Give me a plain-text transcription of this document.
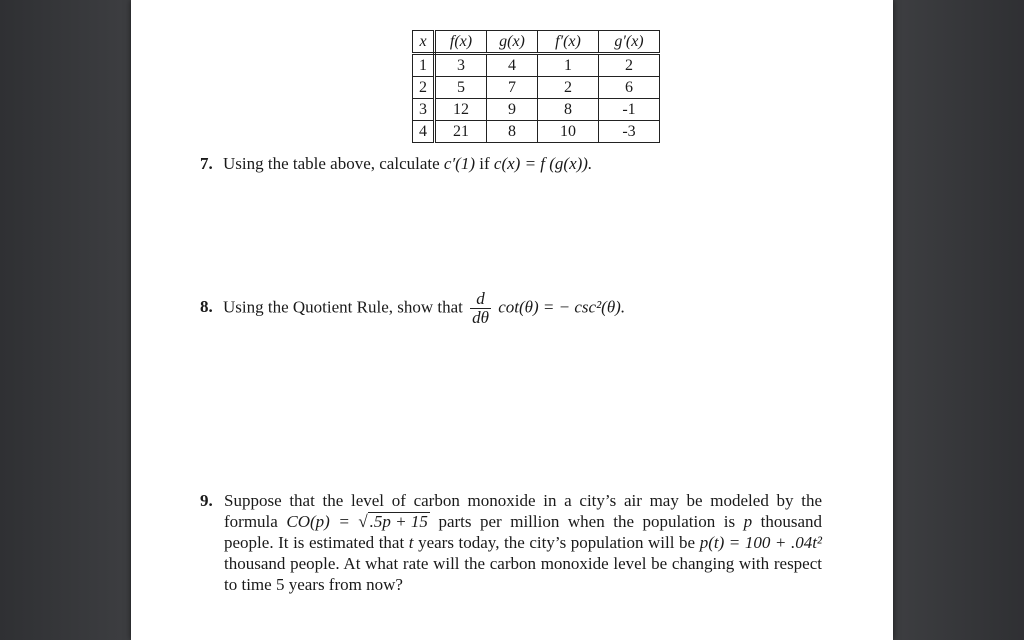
x	f(x)	g(x)	f′(x)	g′(x)
1	3	4	1	2
2	5	7	2	6
3	12	9	8	-1
4	21	8	10	-3
7. Using the table above, calculate c′(1) if c(x) = f (g(x)).
8. Using the Quotient Rule, show that $\frac{d}{d\theta} \cot(\theta)$ = − csc²(θ).
9. Suppose that the level of carbon monoxide in a city’s air may be modeled by the formula CO(p) = √ .5p + 15 parts per million when the population is p thousand people. It is estimated that t years today, the city’s population will be p(t) = 100 + .04t² thousand people. At what rate will the carbon monoxide level be changing with respect to time 5 years from now?
